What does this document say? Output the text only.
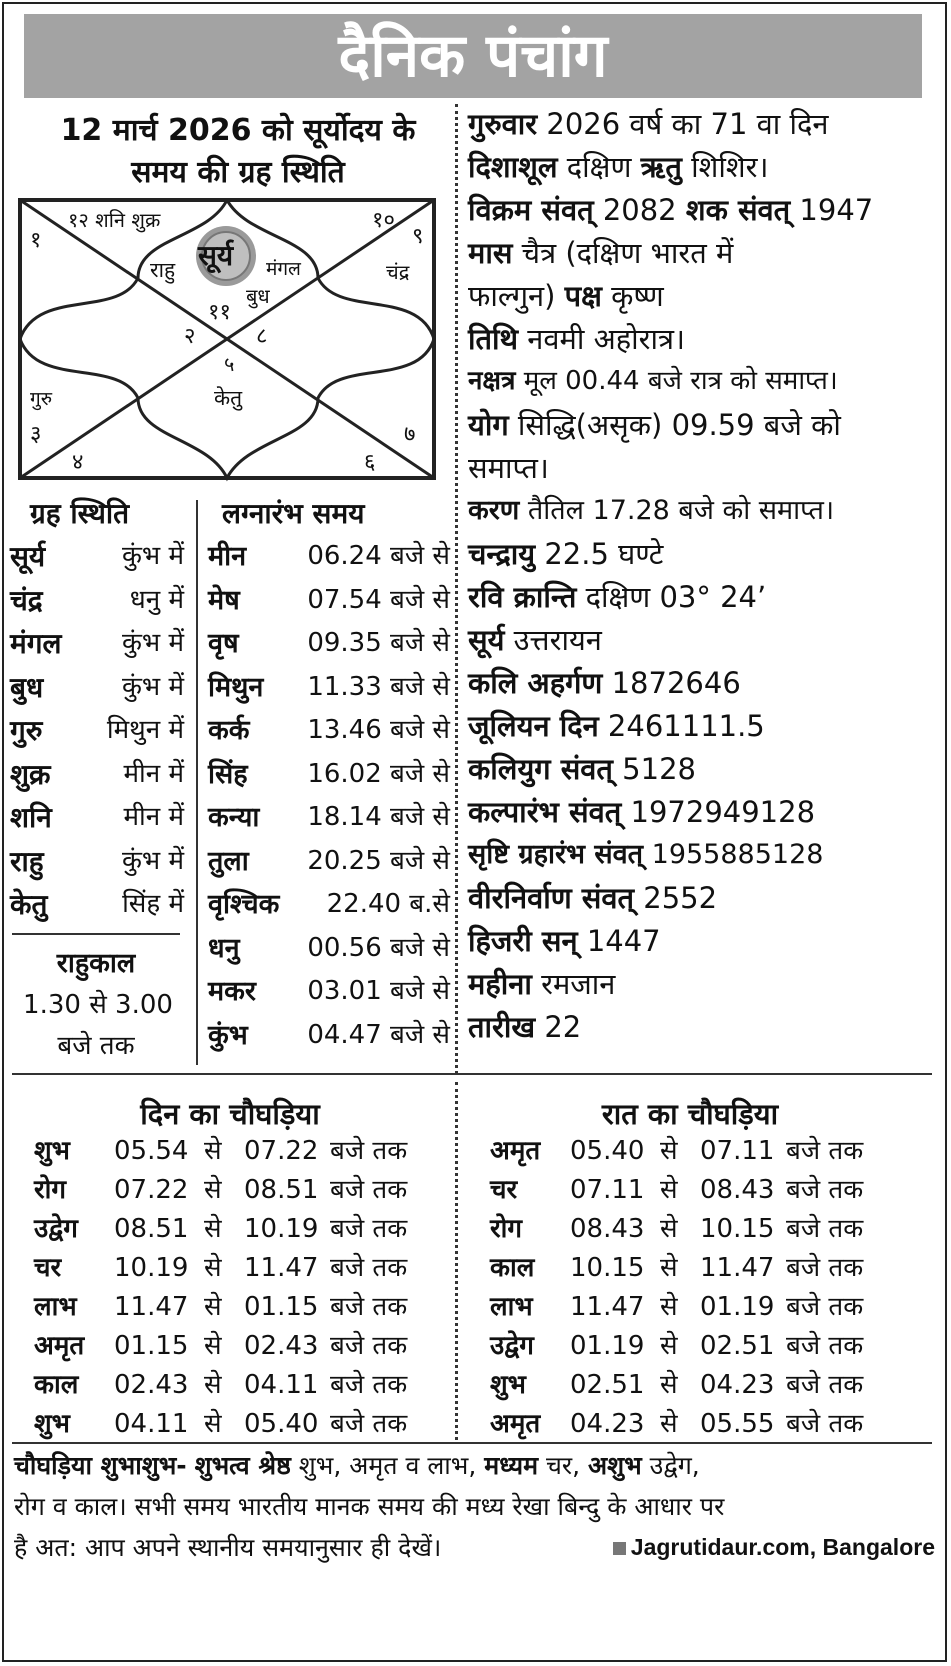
दैनिक पंचांग
12 मार्च 2026 को सूर्योदय के
समय की ग्रह स्थिति
१२ शनि शुक्र
१
राहु सूर्य मंगल
बुध
११
१०
९
चंद्र
२	८
५
केतु
गुरु
३
४	६
७
गुरुवार 2026 वर्ष का 71 वा दिन
दिशाशूल दक्षिण ऋतु शिशिर।
विक्रम संवत् 2082 शक संवत् 1947
मास चैत्र (दक्षिण भारत में
फाल्गुन) पक्ष कृष्ण
तिथि नवमी अहोरात्र।
नक्षत्र मूल 00.44 बजे रात्र को समाप्त।
योग सिद्धि(असृक) 09.59 बजे को
समाप्त।
करण तैतिल 17.28 बजे को समाप्त।
चन्द्रायु 22.5 घण्टे
रवि क्रान्ति दक्षिण 03° 24’
सूर्य उत्तरायन
कलि अहर्गण 1872646
जूलियन दिन 2461111.5
कलियुग संवत् 5128
कल्पारंभ संवत् 1972949128
सृष्टि ग्रहारंभ संवत् 1955885128
वीरनिर्वाण संवत् 2552
हिजरी सन् 1447
महीना रमजान
तारीख 22
ग्रह स्थिति	लग्नारंभ समय
सूर्य	कुंभ में
चंद्र	धनु में
मंगल	कुंभ में
बुध	कुंभ में
गुरु	मिथुन में
शुक्र	मीन में
शनि	मीन में
राहु	कुंभ में
केतु	सिंह में
मीन	06.24 बजे से
मेष	07.54 बजे से
वृष	09.35 बजे से
मिथुन	11.33 बजे से
कर्क	13.46 बजे से
सिंह	16.02 बजे से
कन्या	18.14 बजे से
तुला	20.25 बजे से
वृश्चिक	22.40 ब.से
धनु	00.56 बजे से
मकर	03.01 बजे से
कुंभ	04.47 बजे से
राहुकाल
1.30 से 3.00
बजे तक
दिन का चौघड़िया	रात का चौघड़िया
शुभ 05.54 से 07.22 बजे तक
रोग 07.22 से 08.51 बजे तक
उद्वेग 08.51 से 10.19 बजे तक
चर 10.19 से 11.47 बजे तक
लाभ 11.47 से 01.15 बजे तक
अमृत 01.15 से 02.43 बजे तक
काल 02.43 से 04.11 बजे तक
शुभ 04.11 से 05.40 बजे तक
अमृत 05.40 से 07.11 बजे तक
चर 07.11 से 08.43 बजे तक
रोग 08.43 से 10.15 बजे तक
काल 10.15 से 11.47 बजे तक
लाभ 11.47 से 01.19 बजे तक
उद्वेग 01.19 से 02.51 बजे तक
शुभ 02.51 से 04.23 बजे तक
अमृत 04.23 से 05.55 बजे तक
चौघड़िया शुभाशुभ- शुभत्व श्रेष्ठ शुभ, अमृत व लाभ, मध्यम चर, अशुभ उद्वेग,
रोग व काल। सभी समय भारतीय मानक समय की मध्य रेखा बिन्दु के आधार पर
है अत: आप अपने स्थानीय समयानुसार ही देखें।	Jagrutidaur.com, Bangalore
